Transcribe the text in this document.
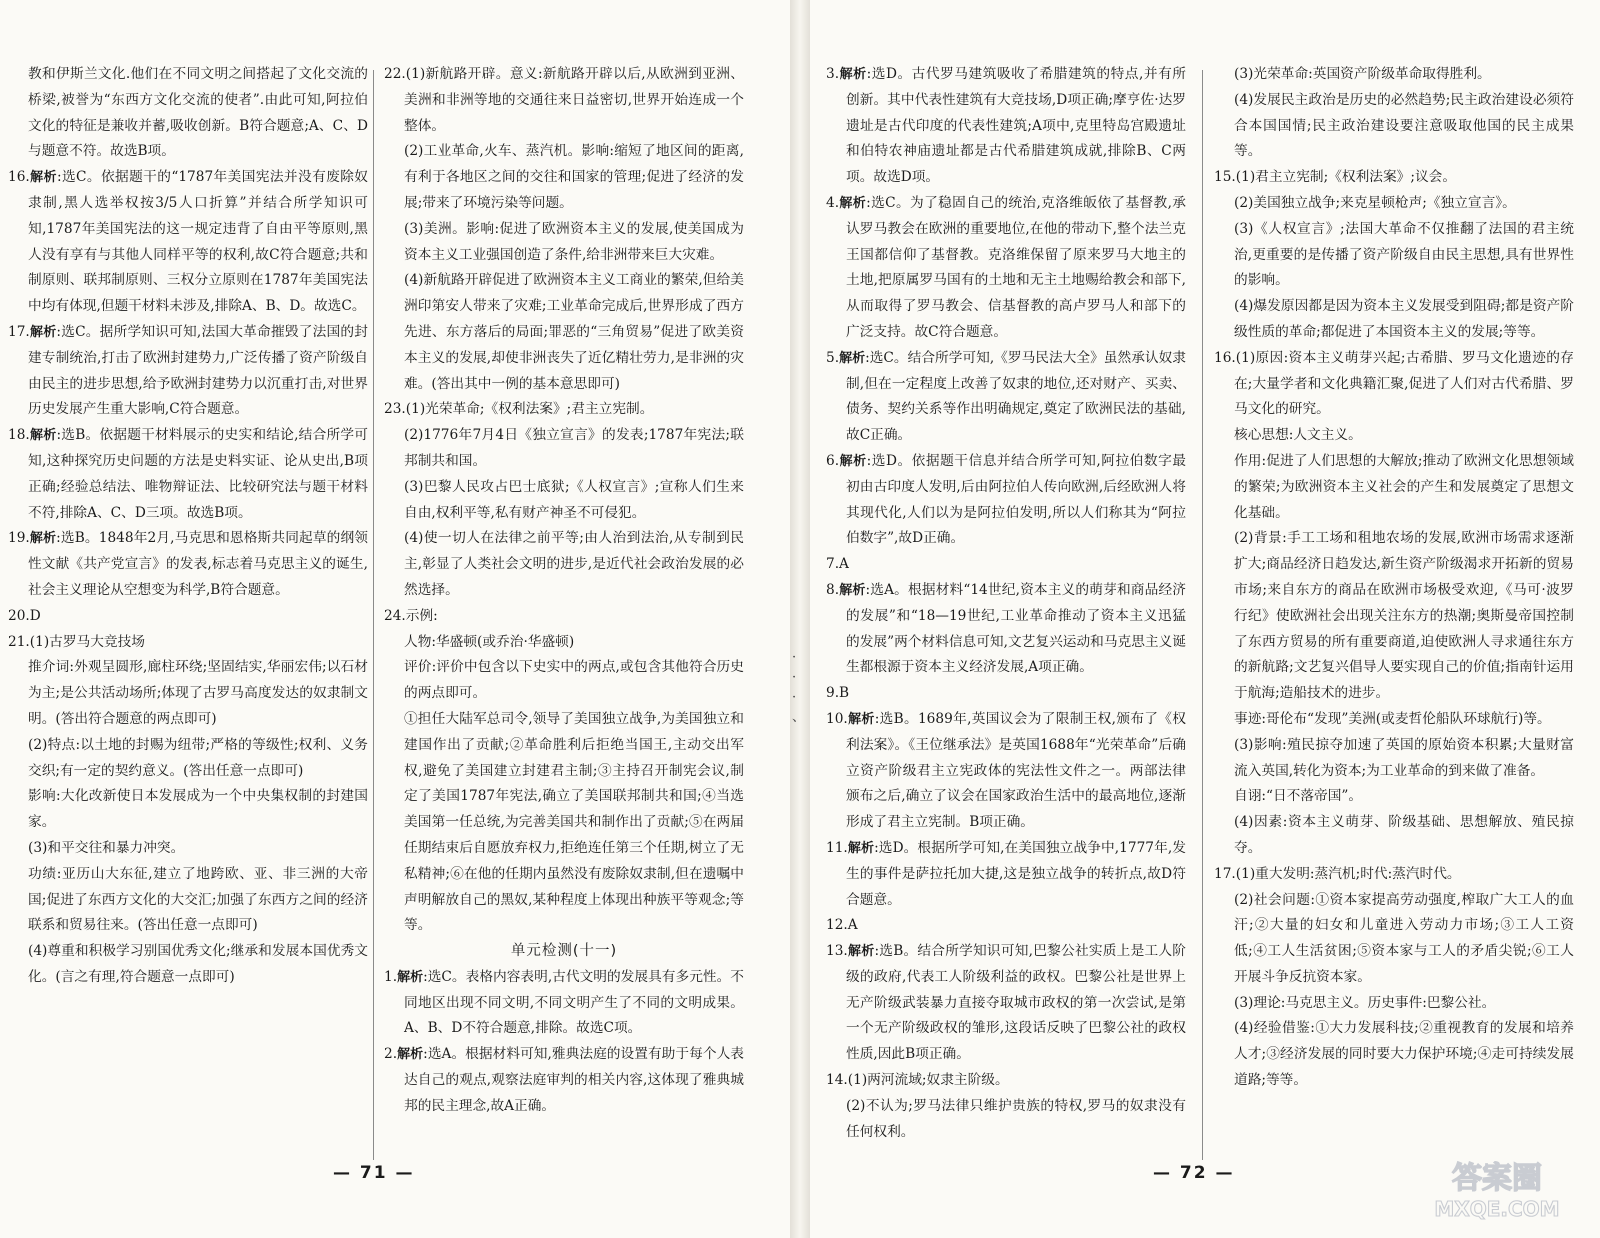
教和伊斯兰文化.他们在不同文明之间搭起了文化交流的桥梁,被誉为“东西方文化交流的使者”.由此可知,阿拉伯文化的特征是兼收并蓄,吸收创新。B符合题意;A、C、D与题意不符。故选B项。
16.解析:选C。依据题干的“1787年美国宪法并没有废除奴隶制,黑人选举权按3/5人口折算”并结合所学知识可知,1787年美国宪法的这一规定违背了自由平等原则,黑人没有享有与其他人同样平等的权利,故C符合题意;共和制原则、联邦制原则、三权分立原则在1787年美国宪法中均有体现,但题干材料未涉及,排除A、B、D。故选C。
17.解析:选C。据所学知识可知,法国大革命摧毁了法国的封建专制统治,打击了欧洲封建势力,广泛传播了资产阶级自由民主的进步思想,给予欧洲封建势力以沉重打击,对世界历史发展产生重大影响,C符合题意。
18.解析:选B。依据题干材料展示的史实和结论,结合所学可知,这种探究历史问题的方法是史料实证、论从史出,B项正确;经验总结法、唯物辩证法、比较研究法与题干材料不符,排除A、C、D三项。故选B项。
19.解析:选B。1848年2月,马克思和恩格斯共同起草的纲领性文献《共产党宣言》的发表,标志着马克思主义的诞生,社会主义理论从空想变为科学,B符合题意。
20.D
21.(1)古罗马大竞技场
推介词:外观呈圆形,廊柱环绕;坚固结实,华丽宏伟;以石材为主;是公共活动场所;体现了古罗马高度发达的奴隶制文明。(答出符合题意的两点即可)
(2)特点:以土地的封赐为纽带;严格的等级性;权利、义务交织;有一定的契约意义。(答出任意一点即可)
影响:大化改新使日本发展成为一个中央集权制的封建国家。
(3)和平交往和暴力冲突。
功绩:亚历山大东征,建立了地跨欧、亚、非三洲的大帝国;促进了东西方文化的大交汇;加强了东西方之间的经济联系和贸易往来。(答出任意一点即可)
(4)尊重和积极学习别国优秀文化;继承和发展本国优秀文化。(言之有理,符合题意一点即可)
22.(1)新航路开辟。意义:新航路开辟以后,从欧洲到亚洲、美洲和非洲等地的交通往来日益密切,世界开始连成一个整体。
(2)工业革命,火车、蒸汽机。影响:缩短了地区间的距离,有利于各地区之间的交往和国家的管理;促进了经济的发展;带来了环境污染等问题。
(3)美洲。影响:促进了欧洲资本主义的发展,使美国成为资本主义工业强国创造了条件,给非洲带来巨大灾难。
(4)新航路开辟促进了欧洲资本主义工商业的繁荣,但给美洲印第安人带来了灾难;工业革命完成后,世界形成了西方先进、东方落后的局面;罪恶的“三角贸易”促进了欧美资本主义的发展,却使非洲丧失了近亿精壮劳力,是非洲的灾难。(答出其中一例的基本意思即可)
23.(1)光荣革命;《权利法案》;君主立宪制。
(2)1776年7月4日《独立宣言》的发表;1787年宪法;联邦制共和国。
(3)巴黎人民攻占巴士底狱;《人权宣言》;宣称人们生来自由,权利平等,私有财产神圣不可侵犯。
(4)使一切人在法律之前平等;由人治到法治,从专制到民主,彰显了人类社会文明的进步,是近代社会政治发展的必然选择。
24.示例:
人物:华盛顿(或乔治·华盛顿)
评价:评价中包含以下史实中的两点,或包含其他符合历史的两点即可。
①担任大陆军总司令,领导了美国独立战争,为美国独立和建国作出了贡献;②革命胜利后拒绝当国王,主动交出军权,避免了美国建立封建君主制;③主持召开制宪会议,制定了美国1787年宪法,确立了美国联邦制共和国;④当选美国第一任总统,为完善美国共和制作出了贡献;⑤在两届任期结束后自愿放弃权力,拒绝连任第三个任期,树立了无私精神;⑥在他的任期内虽然没有废除奴隶制,但在遗嘱中声明解放自己的黑奴,某种程度上体现出种族平等观念;等等。
单元检测(十一)
1.解析:选C。表格内容表明,古代文明的发展具有多元性。不同地区出现不同文明,不同文明产生了不同的文明成果。A、B、D不符合题意,排除。故选C项。
2.解析:选A。根据材料可知,雅典法庭的设置有助于每个人表达自己的观点,观察法庭审判的相关内容,这体现了雅典城邦的民主理念,故A正确。
— 71 —
·
·
·
、
3.解析:选D。古代罗马建筑吸收了希腊建筑的特点,并有所创新。其中代表性建筑有大竞技场,D项正确;摩亨佐·达罗遗址是古代印度的代表性建筑;A项中,克里特岛宫殿遗址和伯特农神庙遗址都是古代希腊建筑成就,排除B、C两项。故选D项。
4.解析:选C。为了稳固自己的统治,克洛维皈依了基督教,承认罗马教会在欧洲的重要地位,在他的带动下,整个法兰克王国都信仰了基督教。克洛维保留了原来罗马大地主的土地,把原属罗马国有的土地和无主土地赐给教会和部下,从而取得了罗马教会、信基督教的高卢罗马人和部下的广泛支持。故C符合题意。
5.解析:选C。结合所学可知,《罗马民法大全》虽然承认奴隶制,但在一定程度上改善了奴隶的地位,还对财产、买卖、债务、契约关系等作出明确规定,奠定了欧洲民法的基础,故C正确。
6.解析:选D。依据题干信息并结合所学可知,阿拉伯数字最初由古印度人发明,后由阿拉伯人传向欧洲,后经欧洲人将其现代化,人们以为是阿拉伯发明,所以人们称其为“阿拉伯数字”,故D正确。
7.A
8.解析:选A。根据材料“14世纪,资本主义的萌芽和商品经济的发展”和“18—19世纪,工业革命推动了资本主义迅猛的发展”两个材料信息可知,文艺复兴运动和马克思主义诞生都根源于资本主义经济发展,A项正确。
9.B
10.解析:选B。1689年,英国议会为了限制王权,颁布了《权利法案》。《王位继承法》是英国1688年“光荣革命”后确立资产阶级君主立宪政体的宪法性文件之一。两部法律颁布之后,确立了议会在国家政治生活中的最高地位,逐渐形成了君主立宪制。B项正确。
11.解析:选D。根据所学可知,在美国独立战争中,1777年,发生的事件是萨拉托加大捷,这是独立战争的转折点,故D符合题意。
12.A
13.解析:选B。结合所学知识可知,巴黎公社实质上是工人阶级的政府,代表工人阶级利益的政权。巴黎公社是世界上无产阶级武装暴力直接夺取城市政权的第一次尝试,是第一个无产阶级政权的雏形,这段话反映了巴黎公社的政权性质,因此B项正确。
14.(1)两河流域;奴隶主阶级。
(2)不认为;罗马法律只维护贵族的特权,罗马的奴隶没有任何权利。
(3)光荣革命:英国资产阶级革命取得胜利。
(4)发展民主政治是历史的必然趋势;民主政治建设必须符合本国国情;民主政治建设要注意吸取他国的民主成果等。
15.(1)君主立宪制;《权利法案》;议会。
(2)美国独立战争;来克星顿枪声;《独立宣言》。
(3)《人权宣言》;法国大革命不仅推翻了法国的君主统治,更重要的是传播了资产阶级自由民主思想,具有世界性的影响。
(4)爆发原因都是因为资本主义发展受到阻碍;都是资产阶级性质的革命;都促进了本国资本主义的发展;等等。
16.(1)原因:资本主义萌芽兴起;古希腊、罗马文化遗迹的存在;大量学者和文化典籍汇聚,促进了人们对古代希腊、罗马文化的研究。
核心思想:人文主义。
作用:促进了人们思想的大解放;推动了欧洲文化思想领域的繁荣;为欧洲资本主义社会的产生和发展奠定了思想文化基础。
(2)背景:手工工场和租地农场的发展,欧洲市场需求逐渐扩大;商品经济日趋发达,新生资产阶级渴求开拓新的贸易市场;来自东方的商品在欧洲市场极受欢迎,《马可·波罗行纪》使欧洲社会出现关注东方的热潮;奥斯曼帝国控制了东西方贸易的所有重要商道,迫使欧洲人寻求通往东方的新航路;文艺复兴倡导人要实现自己的价值;指南针运用于航海;造船技术的进步。
事迹:哥伦布“发现”美洲(或麦哲伦船队环球航行)等。
(3)影响:殖民掠夺加速了英国的原始资本积累;大量财富流入英国,转化为资本;为工业革命的到来做了准备。
自诩:“日不落帝国”。
(4)因素:资本主义萌芽、阶级基础、思想解放、殖民掠夺。
17.(1)重大发明:蒸汽机;时代:蒸汽时代。
(2)社会问题:①资本家提高劳动强度,榨取广大工人的血汗;②大量的妇女和儿童进入劳动力市场;③工人工资低;④工人生活贫困;⑤资本家与工人的矛盾尖锐;⑥工人开展斗争反抗资本家。
(3)理论:马克思主义。历史事件:巴黎公社。
(4)经验借鉴:①大力发展科技;②重视教育的发展和培养人才;③经济发展的同时要大力保护环境;④走可持续发展道路;等等。
— 72 —	答案圈
MXQE.COM
